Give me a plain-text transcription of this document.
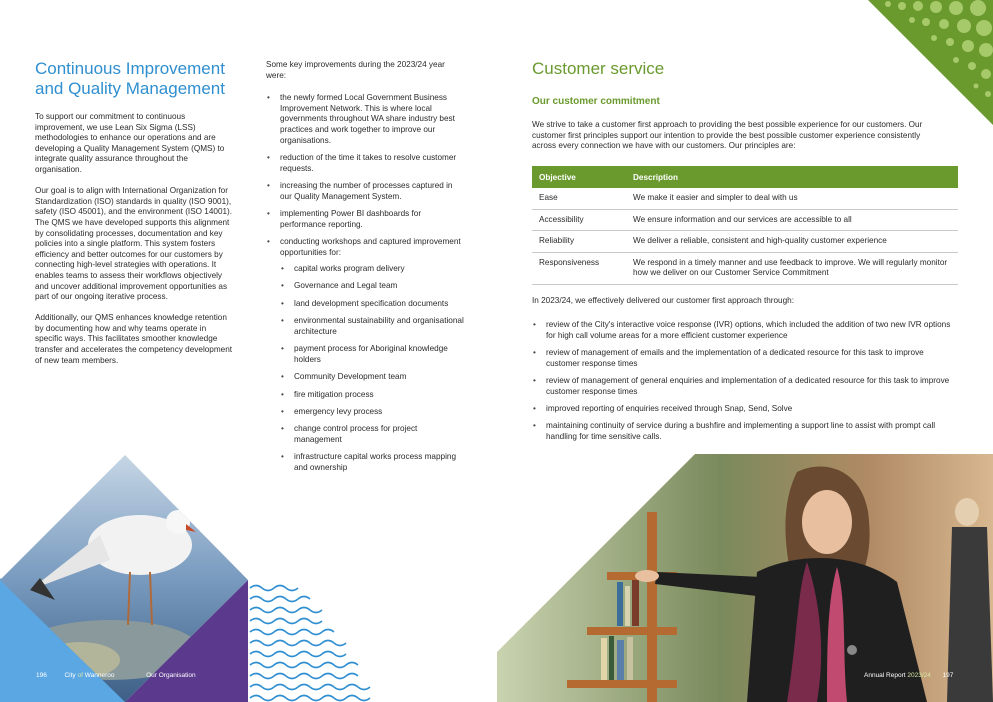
Continuous Improvement
and Quality Management

To support our commitment to continuous improvement, we use Lean Six Sigma (LSS) methodologies to enhance our operations and are developing a Quality Management System (QMS) to integrate quality assurance throughout the organisation.

Our goal is to align with International Organization for Standardization (ISO) standards in quality (ISO 9001), safety (ISO 45001), and the environment (ISO 14001). The QMS we have developed supports this alignment by consolidating processes, documentation and key policies into a single platform. This system fosters efficiency and better outcomes for our customers by connecting high-level strategies with operations. It enables teams to assess their workflows objectively and uncover additional improvement opportunities as part of our ongoing iterative process.

Additionally, our QMS enhances knowledge retention by documenting how and why teams operate in specific ways. This facilitates smoother knowledge transfer and accelerates the competency development of new team members.

Some key improvements during the 2023/24 year were:

• the newly formed Local Government Business Improvement Network. This is where local governments throughout WA share industry best practices and work together to improve our organisations.
• reduction of the time it takes to resolve customer requests.
• increasing the number of processes captured in our Quality Management System.
• implementing Power BI dashboards for performance reporting.
• conducting workshops and captured improvement opportunities for:
• capital works program delivery
• Governance and Legal team
• land development specification documents
• environmental sustainability and organisational architecture
• payment process for Aboriginal knowledge holders
• Community Development team
• fire mitigation process
• emergency levy process
• change control process for project management
• infrastructure capital works process mapping and ownership
196	City of Wanneroo	Our Organisation
Customer service
Our customer commitment

We strive to take a customer first approach to providing the best possible experience for our customers. Our customer first principles support our intention to provide the best possible customer experience consistently across every connection we have with our customers. Our principles are:

Objective	Description
Ease	We make it easier and simpler to deal with us
Accessibility	We ensure information and our services are accessible to all
Reliability	We deliver a reliable, consistent and high-quality customer experience
Responsiveness	We respond in a timely manner and use feedback to improve. We will regularly monitor how we deliver on our Customer Service Commitment

In 2023/24, we effectively delivered our customer first approach through:

• review of the City's interactive voice response (IVR) options, which included the addition of two new IVR options for high call volume areas for a more efficient customer experience
• review of management of emails and the implementation of a dedicated resource for this task to improve customer response times
• review of management of general enquiries and implementation of a dedicated resource for this task to improve customer response times
• improved reporting of enquiries received through Snap, Send, Solve
• maintaining continuity of service during a bushfire and implementing a support line to assist with prompt call handling for time sensitive calls.
Annual Report 2023/24 197
